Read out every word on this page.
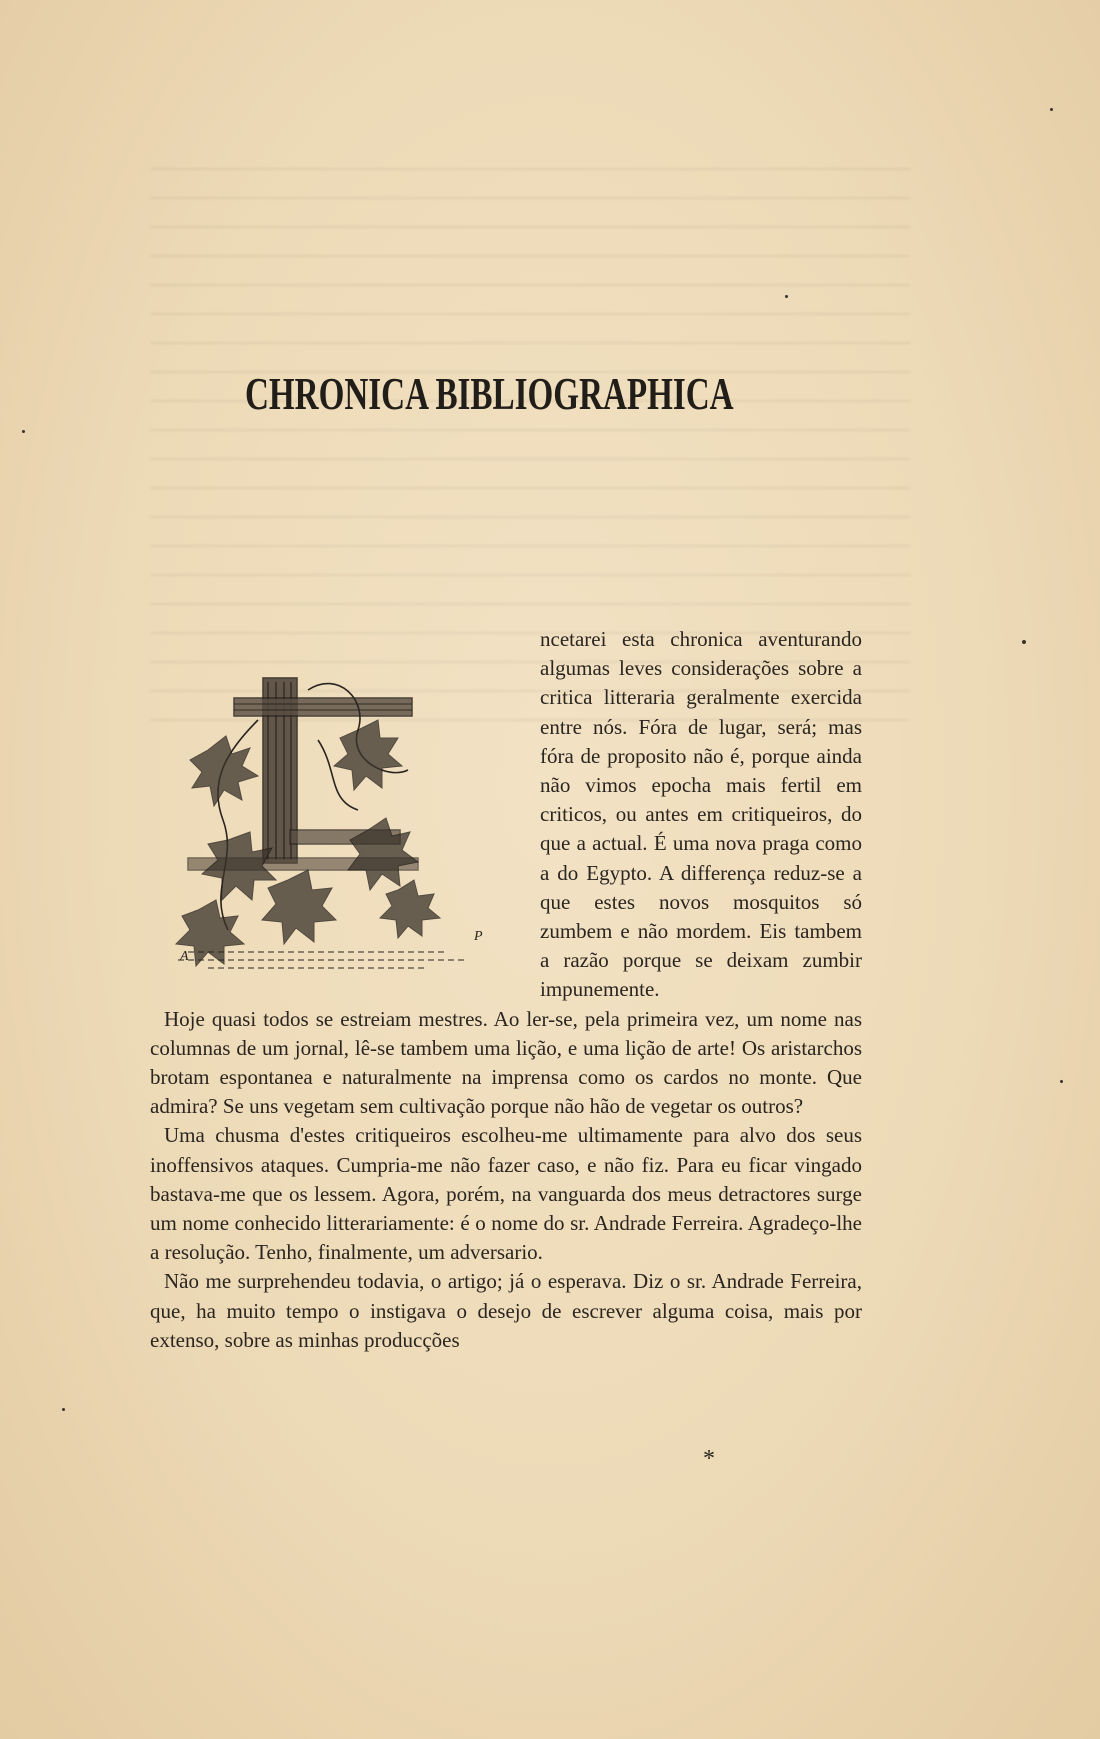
CHRONICA BIBLIOGRAPHICA
A
P

ncetarei esta chronica aventurando algumas leves considerações sobre a critica litteraria geralmente exercida entre nós. Fóra de lugar, será; mas fóra de proposito não é, porque ainda não vimos epocha mais fertil em criticos, ou antes em critiqueiros, do que a actual. É uma nova praga como a do Egypto. A differença reduz-se a que estes novos mosquitos só zumbem e não mordem. Eis tambem a razão porque se deixam zumbir impunemente.

Hoje quasi todos se estreiam mestres. Ao ler-se, pela primeira vez, um nome nas columnas de um jornal, lê-se tambem uma lição, e uma lição de arte! Os aristarchos brotam espontanea e naturalmente na imprensa como os cardos no monte. Que admira? Se uns vegetam sem cultivação porque não hão de vegetar os outros?

Uma chusma d'estes critiqueiros escolheu-me ultimamente para alvo dos seus inoffensivos ataques. Cumpria-me não fazer caso, e não fiz. Para eu ficar vingado bastava-me que os lessem. Agora, porém, na vanguarda dos meus detractores surge um nome conhecido litterariamente: é o nome do sr. Andrade Ferreira. Agradeço-lhe a resolução. Tenho, finalmente, um adversario.

Não me surprehendeu todavia, o artigo; já o esperava. Diz o sr. Andrade Ferreira, que, ha muito tempo o instigava o desejo de escrever alguma coisa, mais por extenso, sobre as minhas producções

*
